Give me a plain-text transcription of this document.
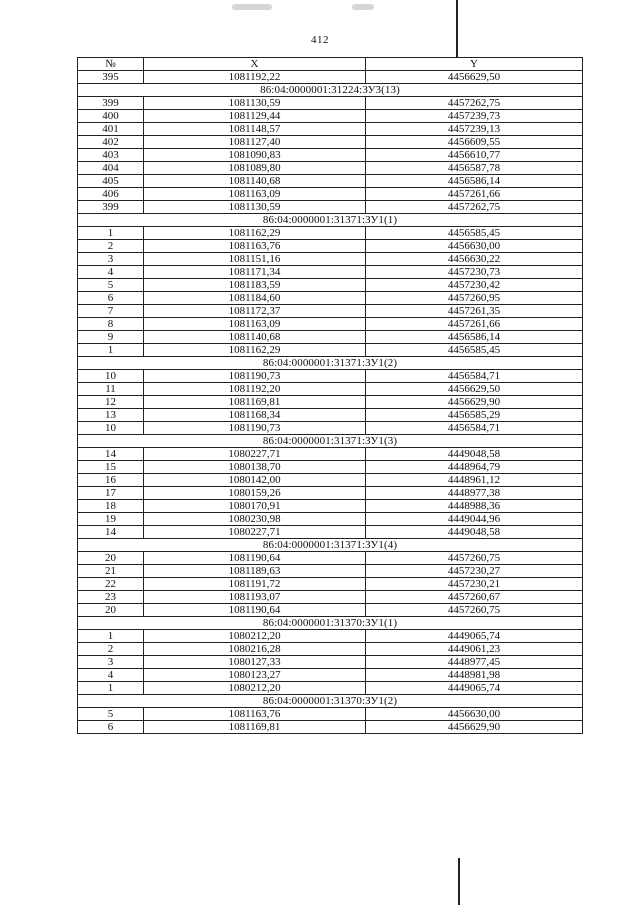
412
№	X	Y
395	1081192,22	4456629,50
86:04:0000001:31224:ЗУ3(13)		
399	1081130,59	4457262,75
400	1081129,44	4457239,73
401	1081148,57	4457239,13
402	1081127,40	4456609,55
403	1081090,83	4456610,77
404	1081089,80	4456587,78
405	1081140,68	4456586,14
406	1081163,09	4457261,66
399	1081130,59	4457262,75
86:04:0000001:31371:ЗУ1(1)		
1	1081162,29	4456585,45
2	1081163,76	4456630,00
3	1081151,16	4456630,22
4	1081171,34	4457230,73
5	1081183,59	4457230,42
6	1081184,60	4457260,95
7	1081172,37	4457261,35
8	1081163,09	4457261,66
9	1081140,68	4456586,14
1	1081162,29	4456585,45
86:04:0000001:31371:ЗУ1(2)		
10	1081190,73	4456584,71
11	1081192,20	4456629,50
12	1081169,81	4456629,90
13	1081168,34	4456585,29
10	1081190,73	4456584,71
86:04:0000001:31371:ЗУ1(3)		
14	1080227,71	4449048,58
15	1080138,70	4448964,79
16	1080142,00	4448961,12
17	1080159,26	4448977,38
18	1080170,91	4448988,36
19	1080230,98	4449044,96
14	1080227,71	4449048,58
86:04:0000001:31371:ЗУ1(4)		
20	1081190,64	4457260,75
21	1081189,63	4457230,27
22	1081191,72	4457230,21
23	1081193,07	4457260,67
20	1081190,64	4457260,75
86:04:0000001:31370:ЗУ1(1)		
1	1080212,20	4449065,74
2	1080216,28	4449061,23
3	1080127,33	4448977,45
4	1080123,27	4448981,98
1	1080212,20	4449065,74
86:04:0000001:31370:ЗУ1(2)		
5	1081163,76	4456630,00
6	1081169,81	4456629,90
